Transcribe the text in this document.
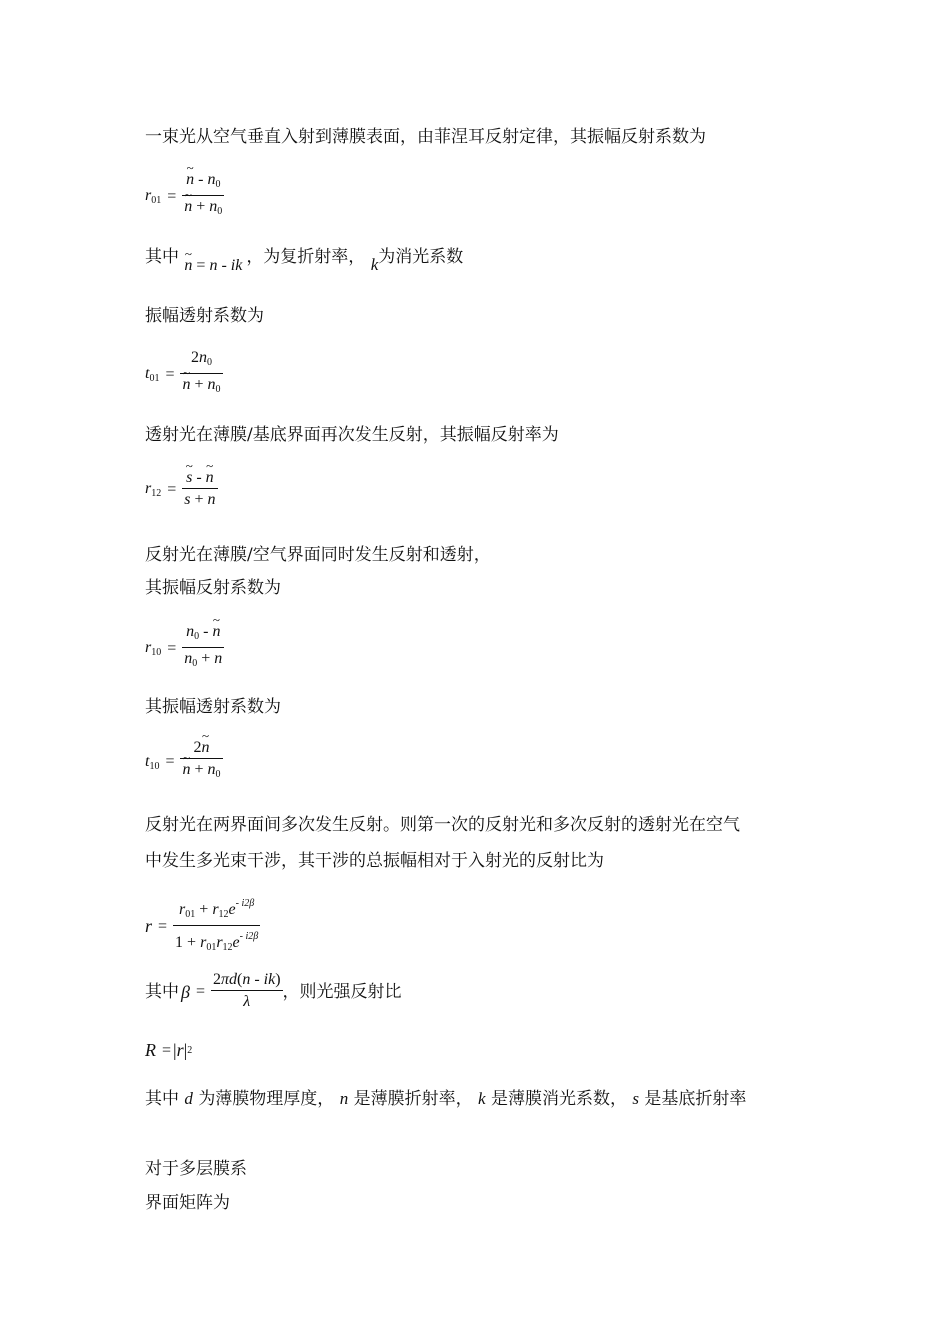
一束光从空气垂直入射到薄膜表面，由菲涅耳反射定律，其振幅反射系数为
$r_{01}$ = ~ n - $n_0$
~ $n + n_0$
其中 ~ n = n - ik ，为复折射率， k为消光系数
振幅透射系数为
$t_{01} = 2n_0$
~ $n + n_0$
透射光在薄膜/基底界面再次发生反射，其振幅反射率为
$r_{12}$ = ~ $\frac{s - \sim n}{s + n}$
反射光在薄膜/空气界面同时发生反射和透射，
其振幅反射系数为
$r_{10} = \frac{n_0 - \sim n}{n_0 + n}$
其振幅透射系数为
$t_{10}$ = 2~ n
~ $n + n_0$
反射光在两界面间多次发生反射。则第一次的反射光和多次反射的透射光在空气
中发生多光束干涉，其干涉的总振幅相对于入射光的反射比为
$r = \frac{r_{01} + r_{12}e^{- i2\beta}}{1 + r_{01}r_{12}e^{- i2\beta}}$
其中 $\beta = \frac{2\pi d(n - ik)}{\lambda}$ ，则光强反射比
R = | r | 2
其中 d 为薄膜物理厚度， n 是薄膜折射率， k 是薄膜消光系数， s 是基底折射率
对于多层膜系
界面矩阵为
